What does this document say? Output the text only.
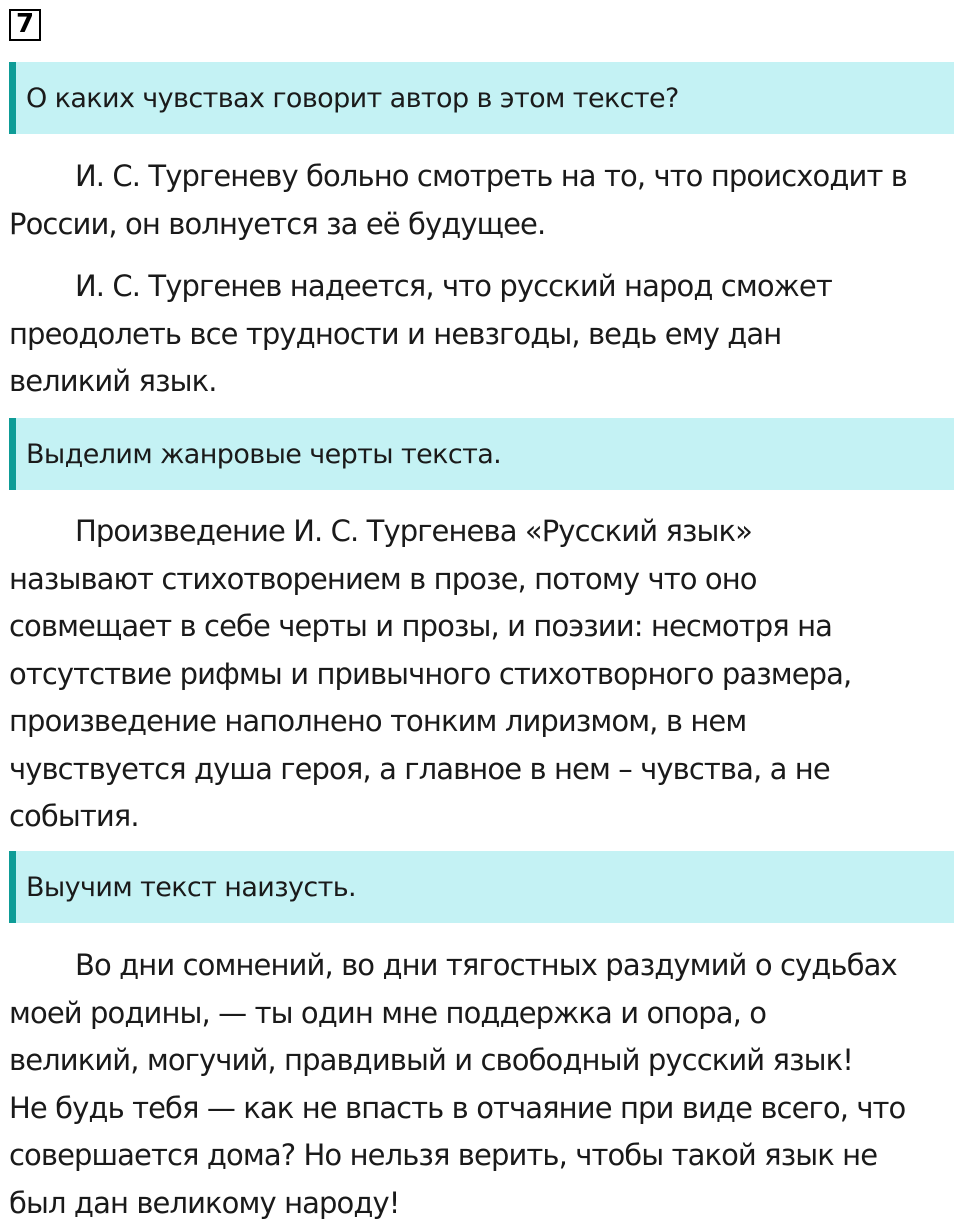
7
О каких чувствах говорит автор в этом тексте?
И. С. Тургеневу больно смотреть на то, что происходит в
России, он волнуется за её будущее.
И. С. Тургенев надеется, что русский народ сможет
преодолеть все трудности и невзгоды, ведь ему дан
великий язык.
Выделим жанровые черты текста.
Произведение И. С. Тургенева «Русский язык»
называют стихотворением в прозе, потому что оно
совмещает в себе черты и прозы, и поэзии: несмотря на
отсутствие рифмы и привычного стихотворного размера,
произведение наполнено тонким лиризмом, в нем
чувствуется душа героя, а главное в нем – чувства, а не
события.
Выучим текст наизусть.
Во дни сомнений, во дни тягостных раздумий о судьбах
моей родины, — ты один мне поддержка и опора, о
великий, могучий, правдивый и свободный русский язык!
Не будь тебя — как не впасть в отчаяние при виде всего, что
совершается дома? Но нельзя верить, чтобы такой язык не
был дан великому народу!
